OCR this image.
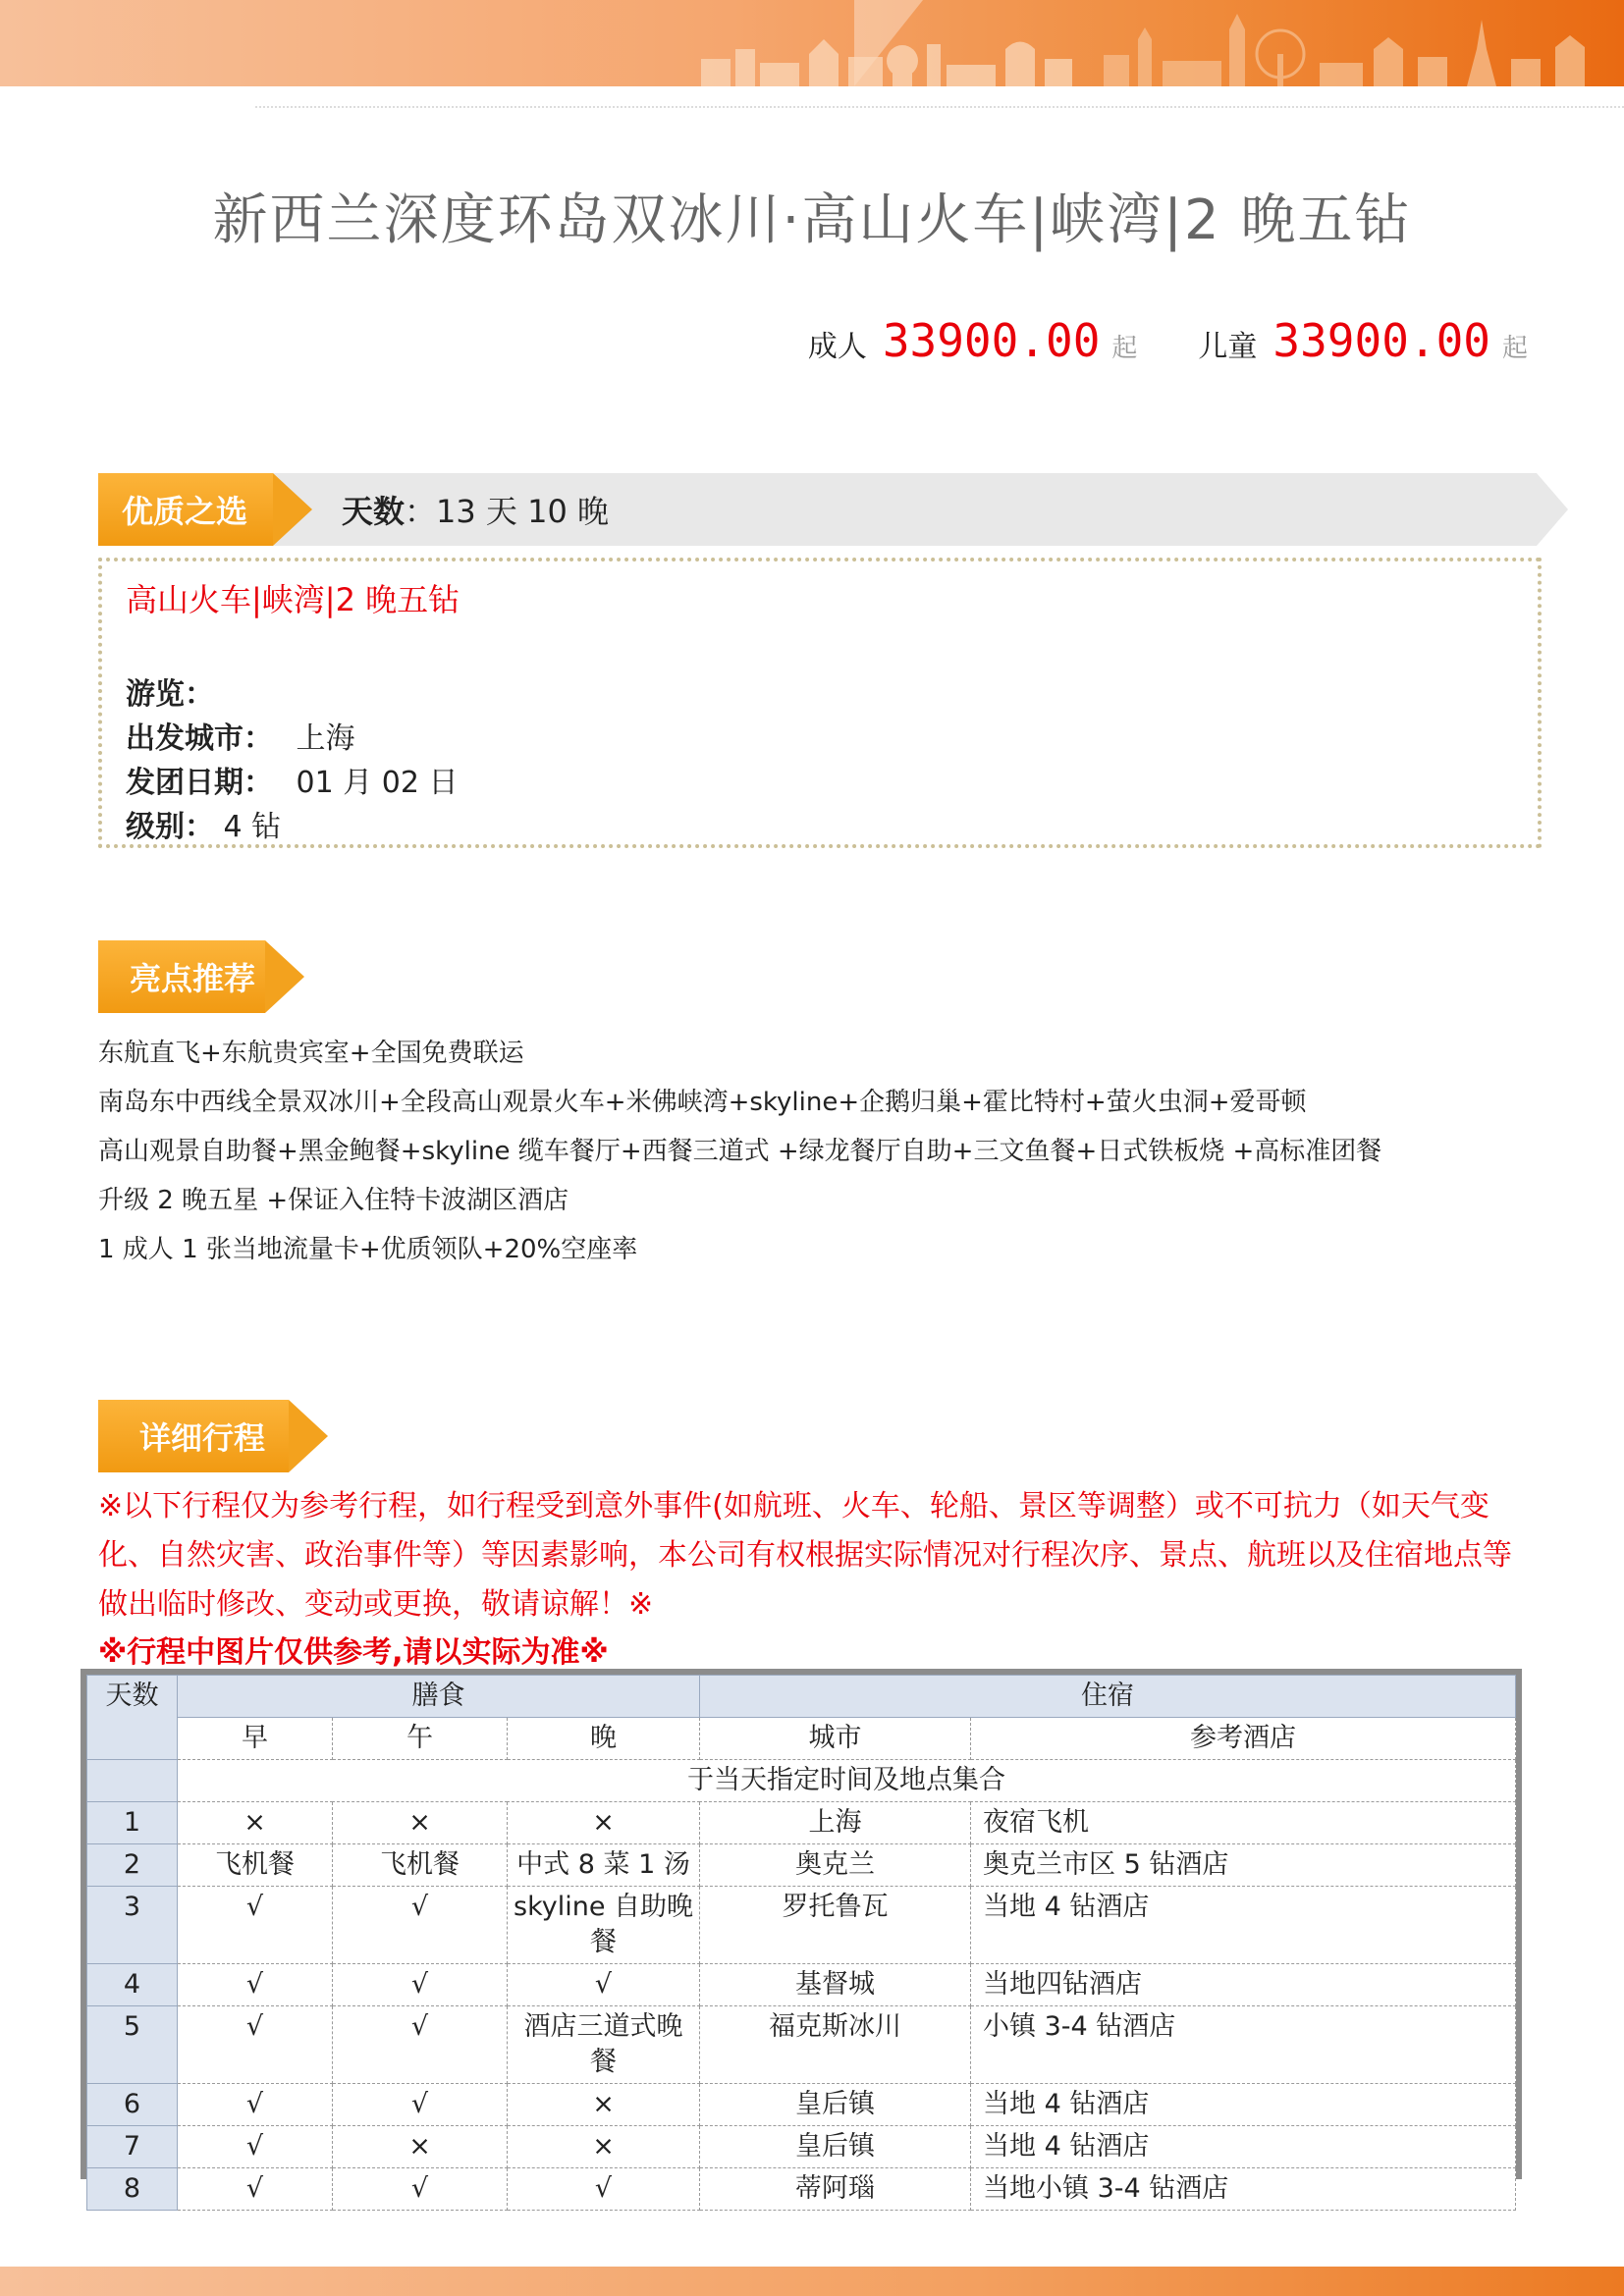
新西兰深度环岛双冰川·高山火车|峡湾|2 晚五钻
成人 33900.00 起 儿童 33900.00 起
优质之选	天数 ：13 天 10 晚
高山火车|峡湾|2 晚五钻
游览：
出发城市： 上海
发团日期： 01 月 02 日
级别： 4 钻
亮点推荐
东航直飞+东航贵宾室+全国免费联运
南岛东中西线全景双冰川+全段高山观景火车+米佛峡湾+skyline+企鹅归巢+霍比特村+萤火虫洞+爱哥顿
高山观景自助餐+黑金鲍餐+skyline 缆车餐厅+西餐三道式 +绿龙餐厅自助+三文鱼餐+日式铁板烧 +高标准团餐
升级 2 晚五星 +保证入住特卡波湖区酒店
1 成人 1 张当地流量卡+优质领队+20%空座率
详细行程
※以下行程仅为参考行程，如行程受到意外事件(如航班、火车、轮船、景区等调整）或不可抗力（如天气变化、自然灾害、政治事件等）等因素影响，本公司有权根据实际情况对行程次序、景点、航班以及住宿地点等做出临时修改、变动或更换，敬请谅解！※
※行程中图片仅供参考,请以实际为准※
天数	膳食			住宿	
	早	午	晚	城市	参考酒店
	于当天指定时间及地点集合				
1	×	×	×	上海	夜宿飞机
2	飞机餐	飞机餐	中式 8 菜 1 汤	奥克兰	奥克兰市区 5 钻酒店
3	√	√	skyline 自助晚餐	罗托鲁瓦	当地 4 钻酒店
4	√	√	√	基督城	当地四钻酒店
5	√	√	酒店三道式晚餐	福克斯冰川	小镇 3-4 钻酒店
6	√	√	×	皇后镇	当地 4 钻酒店
7	√	×	×	皇后镇	当地 4 钻酒店
8	√	√	√	蒂阿瑙	当地小镇 3-4 钻酒店
